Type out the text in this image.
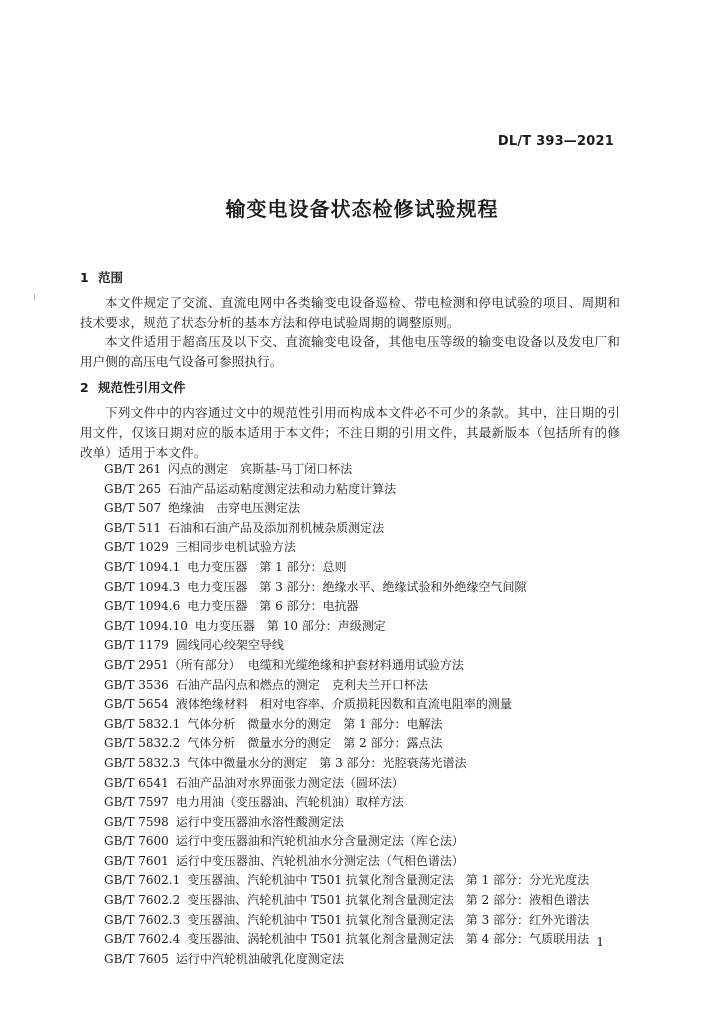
DL/T 393—2021
输变电设备状态检修试验规程
1 范围
本文件规定了交流、直流电网中各类输变电设备巡检、带电检测和停电试验的项目、周期和技术要求，规范了状态分析的基本方法和停电试验周期的调整原则。
本文件适用于超高压及以下交、直流输变电设备，其他电压等级的输变电设备以及发电厂和用户侧的高压电气设备可参照执行。
2 规范性引用文件
下列文件中的内容通过文中的规范性引用而构成本文件必不可少的条款。其中，注日期的引用文件，仅该日期对应的版本适用于本文件；不注日期的引用文件，其最新版本（包括所有的修改单）适用于本文件。
GB/T 261 闪点的测定　宾斯基-马丁闭口杯法
GB/T 265 石油产品运动粘度测定法和动力粘度计算法
GB/T 507 绝缘油　击穿电压测定法
GB/T 511 石油和石油产品及添加剂机械杂质测定法
GB/T 1029 三相同步电机试验方法
GB/T 1094.1 电力变压器　第 1 部分：总则
GB/T 1094.3 电力变压器　第 3 部分：绝缘水平、绝缘试验和外绝缘空气间隙
GB/T 1094.6 电力变压器　第 6 部分：电抗器
GB/T 1094.10 电力变压器　第 10 部分：声级测定
GB/T 1179 圆线同心绞架空导线
GB/T 2951（所有部分） 电缆和光缆绝缘和护套材料通用试验方法
GB/T 3536 石油产品闪点和燃点的测定　克利夫兰开口杯法
GB/T 5654 液体绝缘材料　相对电容率、介质损耗因数和直流电阻率的测量
GB/T 5832.1 气体分析　微量水分的测定　第 1 部分：电解法
GB/T 5832.2 气体分析　微量水分的测定　第 2 部分：露点法
GB/T 5832.3 气体中微量水分的测定　第 3 部分：光腔衰荡光谱法
GB/T 6541 石油产品油对水界面张力测定法（圆环法）
GB/T 7597 电力用油（变压器油、汽轮机油）取样方法
GB/T 7598 运行中变压器油水溶性酸测定法
GB/T 7600 运行中变压器油和汽轮机油水分含量测定法（库仑法）
GB/T 7601 运行中变压器油、汽轮机油水分测定法（气相色谱法）
GB/T 7602.1 变压器油、汽轮机油中 T501 抗氧化剂含量测定法　第 1 部分：分光光度法
GB/T 7602.2 变压器油、汽轮机油中 T501 抗氧化剂含量测定法　第 2 部分：液相色谱法
GB/T 7602.3 变压器油、汽轮机油中 T501 抗氧化剂含量测定法　第 3 部分：红外光谱法
GB/T 7602.4 变压器油、涡轮机油中 T501 抗氧化剂含量测定法　第 4 部分：气质联用法
GB/T 7605 运行中汽轮机油破乳化度测定法
1
